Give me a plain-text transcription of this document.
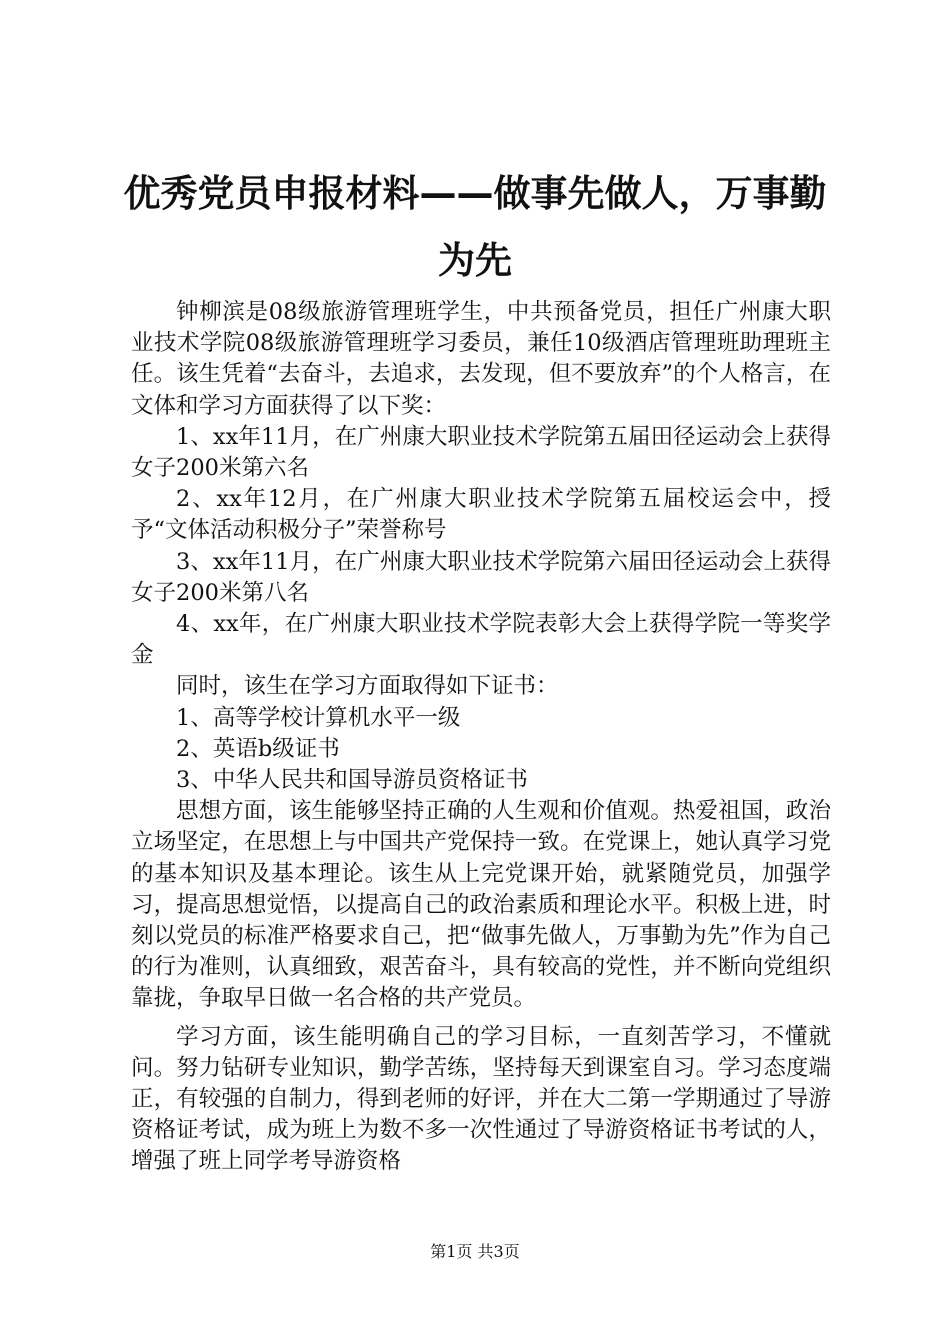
优秀党员申报材料——做事先做人，万事勤为先

钟柳滨是08级旅游管理班学生，中共预备党员，担任广州康大职业技术学院08级旅游管理班学习委员，兼任10级酒店管理班助理班主任。该生凭着“去奋斗，去追求，去发现，但不要放弃”的个人格言，在文体和学习方面获得了以下奖：

1、xx年11月，在广州康大职业技术学院第五届田径运动会上获得女子200米第六名

2、xx年12月，在广州康大职业技术学院第五届校运会中，授予“文体活动积极分子”荣誉称号

3、xx年11月，在广州康大职业技术学院第六届田径运动会上获得女子200米第八名

4、xx年，在广州康大职业技术学院表彰大会上获得学院一等奖学金

同时，该生在学习方面取得如下证书：

1、高等学校计算机水平一级

2、英语b级证书

3、中华人民共和国导游员资格证书

思想方面，该生能够坚持正确的人生观和价值观。热爱祖国，政治立场坚定，在思想上与中国共产党保持一致。在党课上，她认真学习党的基本知识及基本理论。该生从上完党课开始，就紧随党员，加强学习，提高思想觉悟，以提高自己的政治素质和理论水平。积极上进，时刻以党员的标准严格要求自己，把“做事先做人，万事勤为先”作为自己的行为准则，认真细致，艰苦奋斗，具有较高的党性，并不断向党组织靠拢，争取早日做一名合格的共产党员。

学习方面，该生能明确自己的学习目标，一直刻苦学习，不懂就问。努力钻研专业知识，勤学苦练，坚持每天到课室自习。学习态度端正，有较强的自制力，得到老师的好评，并在大二第一学期通过了导游资格证考试，成为班上为数不多一次性通过了导游资格证书考试的人，增强了班上同学考导游资格

第1页 共3页
